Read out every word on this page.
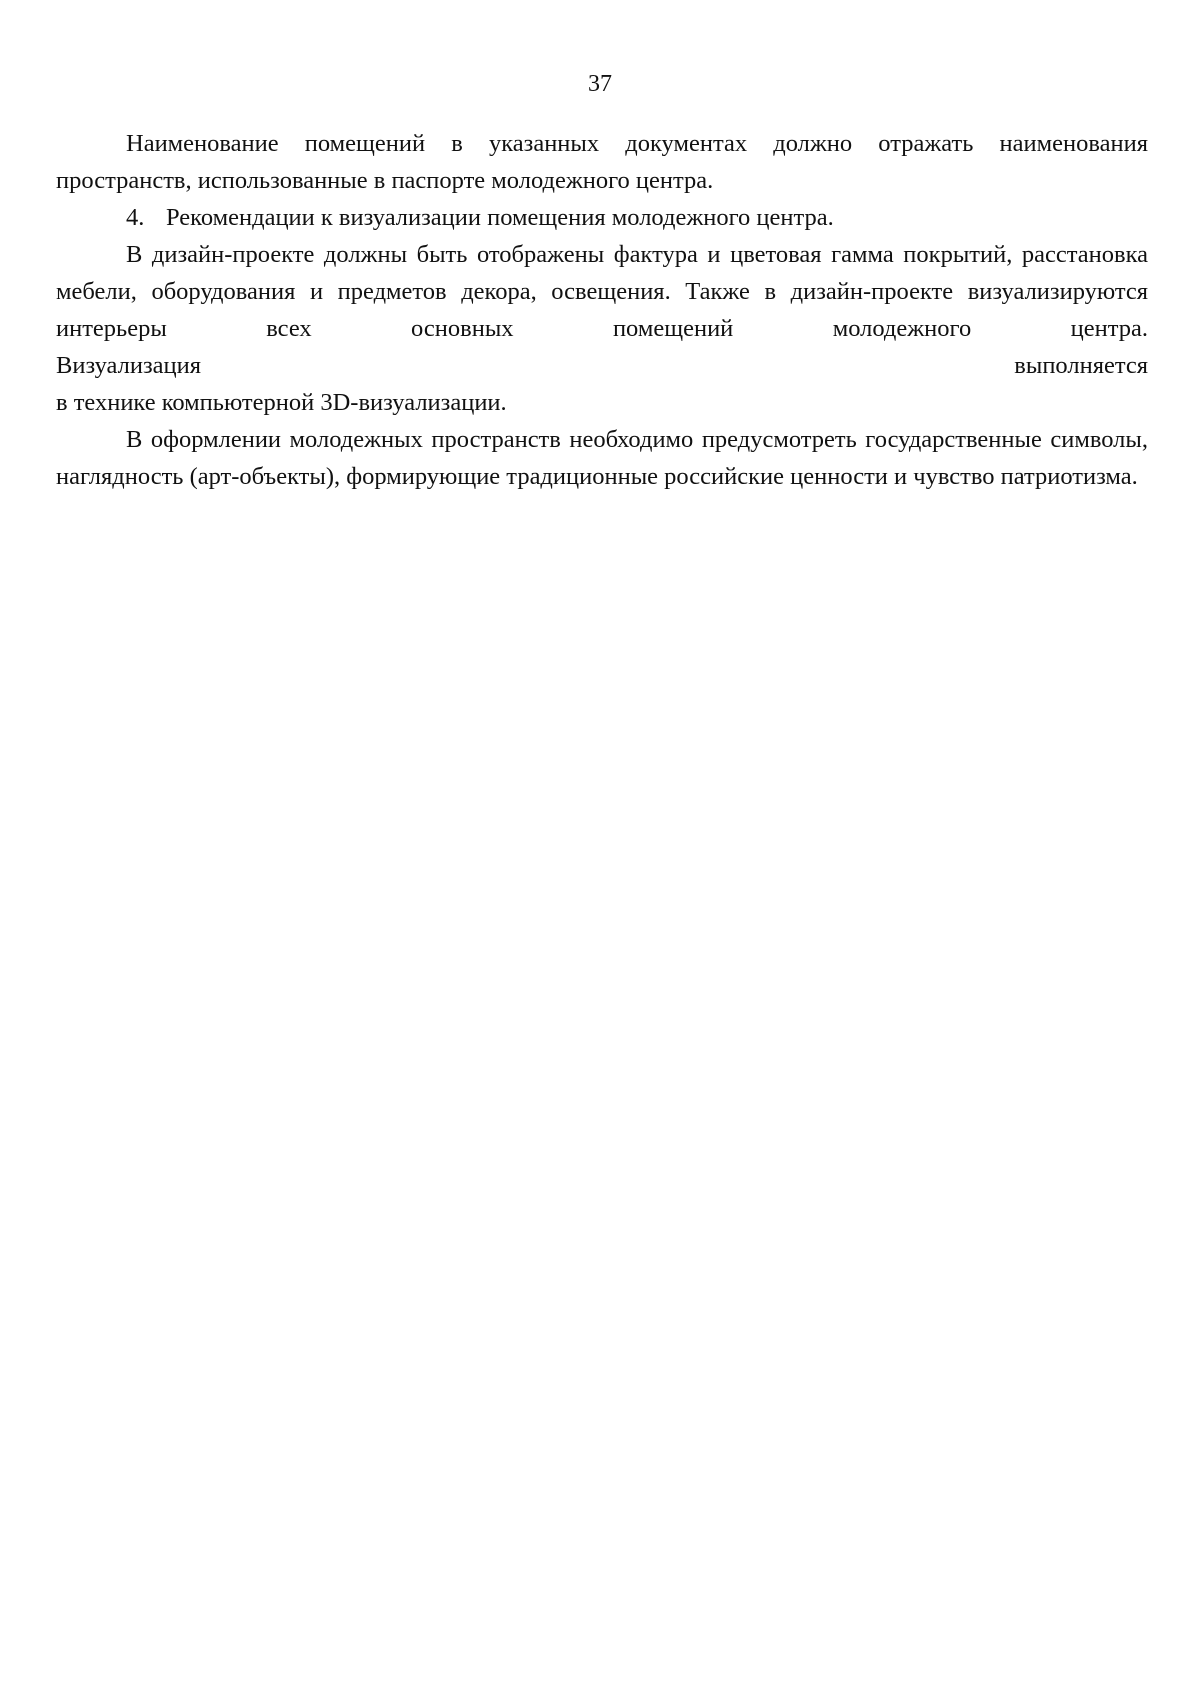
37

Наименование помещений в указанных документах должно отражать наименования пространств, использованные в паспорте молодежного центра.

4. Рекомендации к визуализации помещения молодежного центра.

В дизайн-проекте должны быть отображены фактура и цветовая гамма покрытий, расстановка мебели, оборудования и предметов декора, освещения. Также в дизайн-проекте визуализируются интерьеры всех основных помещений молодежного центра.

Визуализация	выполняется
в технике компьютерной 3D-визуализации.

В оформлении молодежных пространств необходимо предусмотреть государственные символы, наглядность (арт-объекты), формирующие традиционные российские ценности и чувство патриотизма.
